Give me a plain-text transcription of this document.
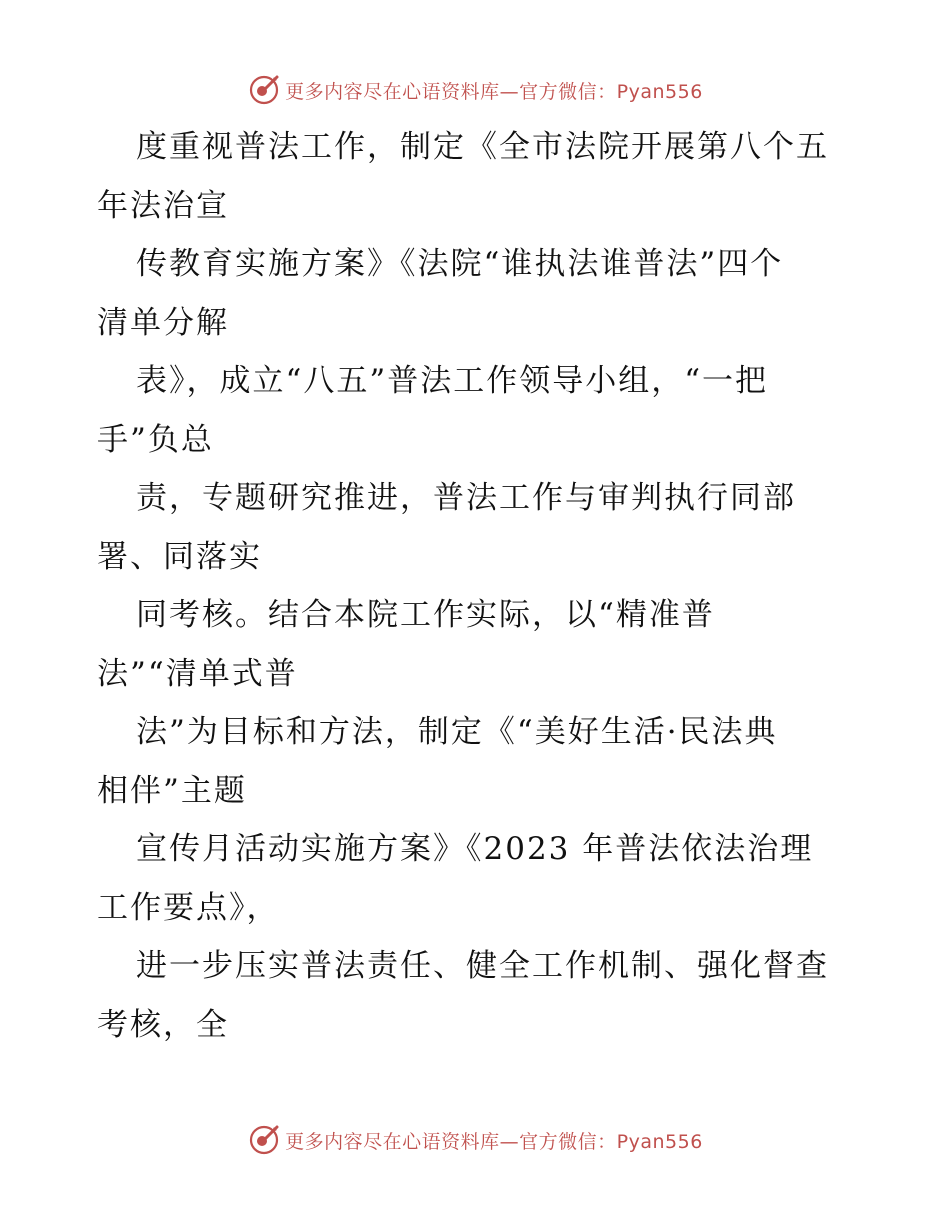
更多内容尽在心语资料库—官方微信：Pyan556
度重视普法工作，制定《全市法院开展第八个五
年法治宣
传教育实施方案》《法院“谁执法谁普法”四个
清单分解
表》，成立“八五”普法工作领导小组，“一把
手”负总
责，专题研究推进，普法工作与审判执行同部
署、同落实
同考核。结合本院工作实际，以“精准普
法”“清单式普
法”为目标和方法，制定《“美好生活·民法典
相伴”主题
宣传月活动实施方案》《2023 年普法依法治理
工作要点》，
进一步压实普法责任、健全工作机制、强化督查
考核，全
更多内容尽在心语资料库—官方微信：Pyan556
